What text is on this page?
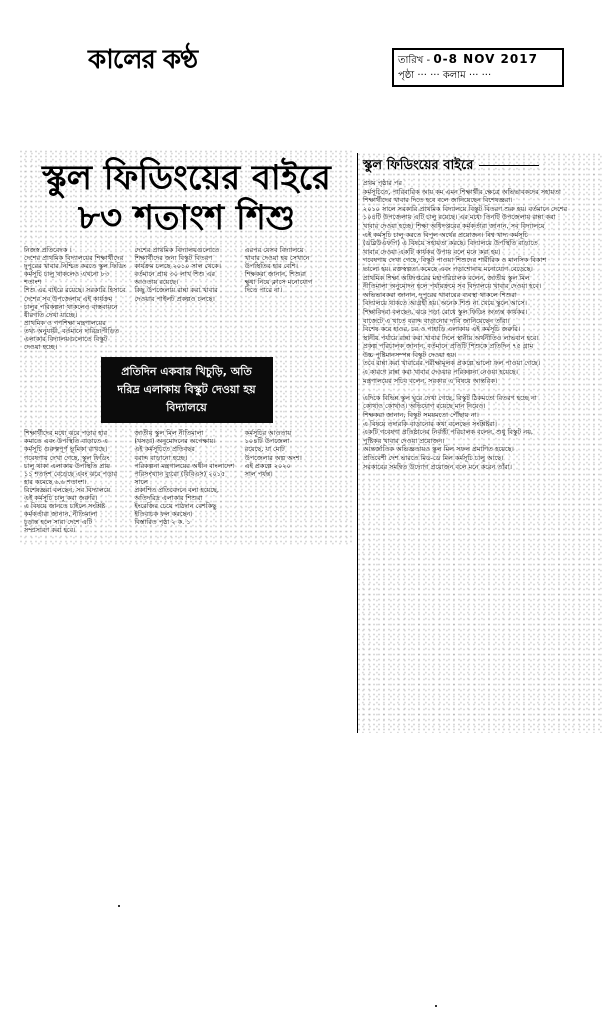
কালের কণ্ঠ	তারিখ - 0-8 NOV 2017
পৃষ্ঠা ··· ··· কলাম ··· ···
স্কুল ফিডিংয়ের বাইরে
৮৩ শতাংশ শিশু
নিজস্ব প্রতিবেদক ।
দেশের প্রাথমিক বিদ্যালয়ের শিক্ষার্থীদের
দুপুরের খাবার নিশ্চিত করতে স্কুল ফিডিং
কর্মসূচি চালু থাকলেও এখনো ৮৩ শতাংশ
শিশু এর বাইরে রয়েছে। সরকারি হিসাবে
দেশের সব উপজেলায় এই কার্যক্রম
চালুর পরিকল্পনা থাকলেও বাস্তবায়নে
ধীরগতি দেখা যাচ্ছে।
প্রাথমিক ও গণশিক্ষা মন্ত্রণালয়ের
তথ্য অনুযায়ী, বর্তমানে দারিদ্র্যপীড়িত
এলাকার বিদ্যালয়গুলোতে বিস্কুট
দেওয়া হচ্ছে।
দেশের প্রাথমিক বিদ্যালয়গুলোতে
শিক্ষার্থীদের জন্য বিস্কুট বিতরণ
কার্যক্রম চলছে ২০১০ সাল থেকে।
বর্তমানে প্রায় ৩০ লাখ শিশু এর
আওতায় রয়েছে।
কিছু উপজেলায় রান্না করা খাবার
দেওয়ার পাইলট প্রকল্পও চলছে।
এরপর যেসব বিদ্যালয়ে
খাবার দেওয়া হয় সেখানে
উপস্থিতির হার বেশি।
শিক্ষকরা জানান, শিশুরা
ক্ষুধা নিয়ে ক্লাসে মনোযোগ
দিতে পারে না।
প্রতিদিন একবার খিচুড়ি, অতি
দরিদ্র এলাকায় বিস্কুট দেওয়া হয়
বিদ্যালয়ে
শিক্ষার্থীদের মধ্যে ঝরে পড়ার হার
কমাতে এবং উপস্থিতি বাড়াতে এ
কর্মসূচি গুরুত্বপূর্ণ ভূমিকা রাখছে।
গবেষণায় দেখা গেছে, স্কুল ফিডিং
চালু থাকা এলাকায় উপস্থিতি প্রায়
১১ শতাংশ বেড়েছে এবং ঝরে পড়ার
হার কমেছে ৬.৬ শতাংশ।
বিশেষজ্ঞরা বলছেন, সব বিদ্যালয়ে
এই কর্মসূচি চালু করা জরুরি।
এ বিষয়ে জানতে চাইলে সংশ্লিষ্ট
কর্মকর্তারা জানান, নীতিমালা
চূড়ান্ত হলে সারা দেশে এটি
সম্প্রসারণ করা হবে।
জাতীয় স্কুল মিল নীতিমালা
(খসড়া) অনুমোদনের অপেক্ষায়।
এই কর্মসূচিতে প্রতিবছর
বরাদ্দ বাড়ানো হচ্ছে।
পরিকল্পনা মন্ত্রণালয়ের অধীন বাংলাদেশ
পরিসংখ্যান ব্যুরো (বিবিএস) ২০১৫ সালে
প্রকাশিত প্রতিবেদনে বলা হয়েছে,
অতিদরিদ্র এলাকার শিশুরা
ইংরেজির চেয়ে পাঠদান বেশকিছু ইতিবাচক ফল করছেন।
বিস্তারিত পৃষ্ঠা ২ ক. ১
কর্মসূচির আওতায়
১০৪টি উপজেলা
রয়েছে, যা মোট
উপজেলার অল্প অংশ।
এই প্রকল্পে ২০২০
সাল পর্যন্ত।
স্কুল ফিডিংয়ের বাইরে
প্রথম পৃষ্ঠার পর
কর্মসূচিতে, পারিবারিক আয় কম এমন শিক্ষার্থীর ক্ষেত্রে অভিভাবকদের সহায়তা
শিক্ষার্থীদের খাবার দিতে হবে বলে জানিয়েছেন বিশেষজ্ঞরা।
২০১০ সালে সরকারি প্রাথমিক বিদ্যালয়ে বিস্কুট বিতরণ শুরু হয়। বর্তমানে দেশের
১০৪টি উপজেলায় এটি চালু রয়েছে। এর মধ্যে তিনটি উপজেলায় রান্না করা
খাবার দেওয়া হচ্ছে। শিক্ষা অধিদপ্তরের কর্মকর্তারা জানান, সব বিদ্যালয়ে
এই কর্মসূচি চালু করতে বিপুল অর্থের প্রয়োজন। বিশ্ব খাদ্য কর্মসূচি
(ডব্লিউএফপি) এ বিষয়ে সহায়তা করছে। বিদ্যালয়ে উপস্থিতি বাড়াতে
খাবার দেওয়া একটি কার্যকর উপায় বলে মনে করা হয়।
গবেষণায় দেখা গেছে, বিস্কুট পাওয়া শিশুদের শারীরিক ও মানসিক বিকাশ
ভালো হয়। রক্তস্বল্পতা কমেছে এবং পড়াশোনায় মনোযোগ বেড়েছে।
প্রাথমিক শিক্ষা অধিদপ্তরের মহাপরিচালক বলেন, জাতীয় স্কুল মিল
নীতিমালা অনুমোদন হলে পর্যায়ক্রমে সব বিদ্যালয়ে খাবার দেওয়া হবে।
অভিভাবকরা জানান, দুপুরের খাবারের ব্যবস্থা থাকলে শিশুরা
বিদ্যালয়ে থাকতে আগ্রহী হয়। অনেক শিশু না খেয়ে স্কুলে আসে।
শিক্ষাবিদরা বলছেন, ঝরে পড়া রোধে স্কুল ফিডিং অত্যন্ত কার্যকর।
বাজেটে এ খাতে বরাদ্দ বাড়ানোর দাবি জানিয়েছেন তাঁরা।
বিশেষ করে হাওর, চর ও পাহাড়ি এলাকায় এই কর্মসূচি জরুরি।
স্থানীয় পর্যায়ে রান্না করা খাবার দিলে স্থানীয় অর্থনীতিও লাভবান হবে।
প্রকল্প পরিচালক জানান, বর্তমানে প্রতিটি শিশুকে প্রতিদিন ৭৫ গ্রাম
উচ্চ পুষ্টিমানসম্পন্ন বিস্কুট দেওয়া হয়।
তবে রান্না করা খাবারের পরীক্ষামূলক প্রকল্পে ভালো ফল পাওয়া গেছে।
এ কারণে রান্না করা খাবার দেওয়ার পরিকল্পনা নেওয়া হয়েছে।
মন্ত্রণালয়ের সচিব বলেন, সরকার এ বিষয়ে আন্তরিক।
এদিকে বিভিন্ন স্কুল ঘুরে দেখা গেছে, বিস্কুট ঠিকমতো বিতরণ হচ্ছে না
কোথাও কোথাও। অভিযোগ রয়েছে মান নিয়েও।
শিক্ষকরা জানান, বিস্কুট সময়মতো পৌঁছায় না।
এ বিষয়ে তদারকি বাড়ানোর কথা বলেছেন সংশ্লিষ্টরা।
একটি গবেষণা প্রতিষ্ঠানের নির্বাহী পরিচালক বলেন, শুধু বিস্কুট নয়,
পুষ্টিকর খাবার দেওয়া প্রয়োজন।
আন্তর্জাতিক অভিজ্ঞতায়ও স্কুল মিল সফল প্রমাণিত হয়েছে।
প্রতিবেশী দেশ ভারতে মিড-ডে মিল কর্মসূচি চালু আছে।
সরকারের সমন্বিত উদ্যোগ প্রয়োজন বলে মনে করেন তাঁরা।
